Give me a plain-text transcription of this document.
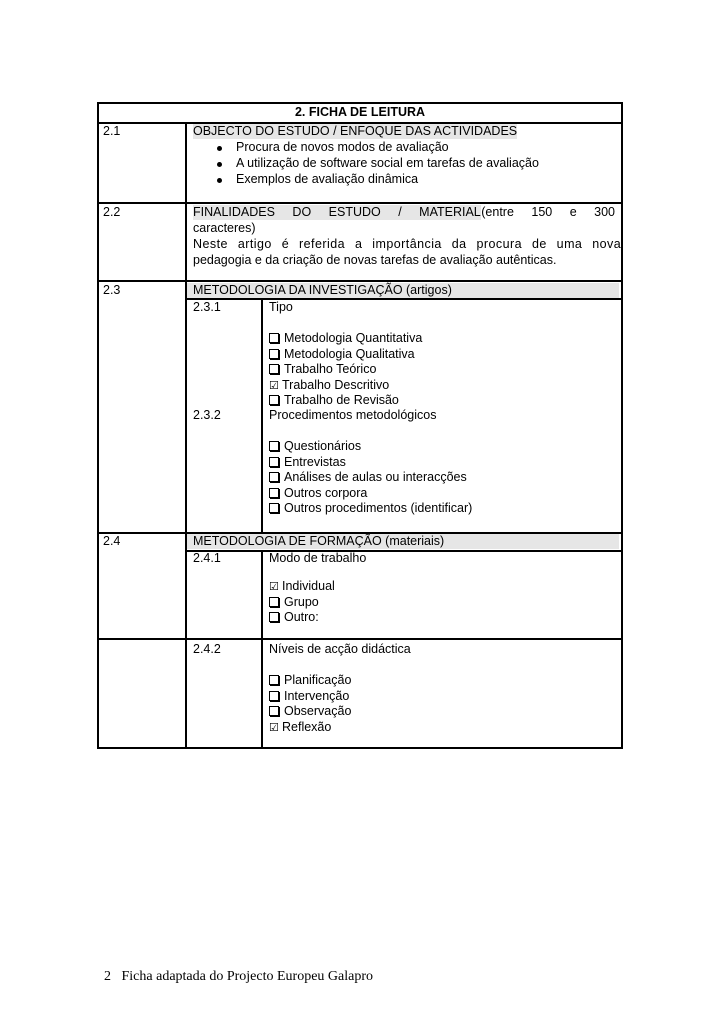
2. FICHA DE LEITURA
2.1	OBJECTO DO ESTUDO / ENFOQUE DAS ACTIVIDADES
Procura de novos modos de avaliação
A utilização de software social em tarefas de avaliação
Exemplos de avaliação dinâmica
2.2	FINALIDADES DO ESTUDO / MATERIAL (entre 150 e 300
caracteres)
Neste artigo é referida a importância da procura de uma nova
pedagogia e da criação de novas tarefas de avaliação autênticas.
2.3	METODOLOGIA DA INVESTIGAÇÃO (artigos)
2.3.1	Tipo
Metodologia Quantitativa
Metodologia Qualitativa
Trabalho Teórico
☑ Trabalho Descritivo
Trabalho de Revisão
2.3.2	Procedimentos metodológicos
Questionários
Entrevistas
Análises de aulas ou interacções
Outros corpora
Outros procedimentos (identificar)
2.4	METODOLOGIA DE FORMAÇÃO (materiais)
2.4.1	Modo de trabalho
☑ Individual
Grupo
Outro:
2.4.2	Níveis de acção didáctica
Planificação
Intervenção
Observação
☑ Reflexão
2 Ficha adaptada do Projecto Europeu Galapro
